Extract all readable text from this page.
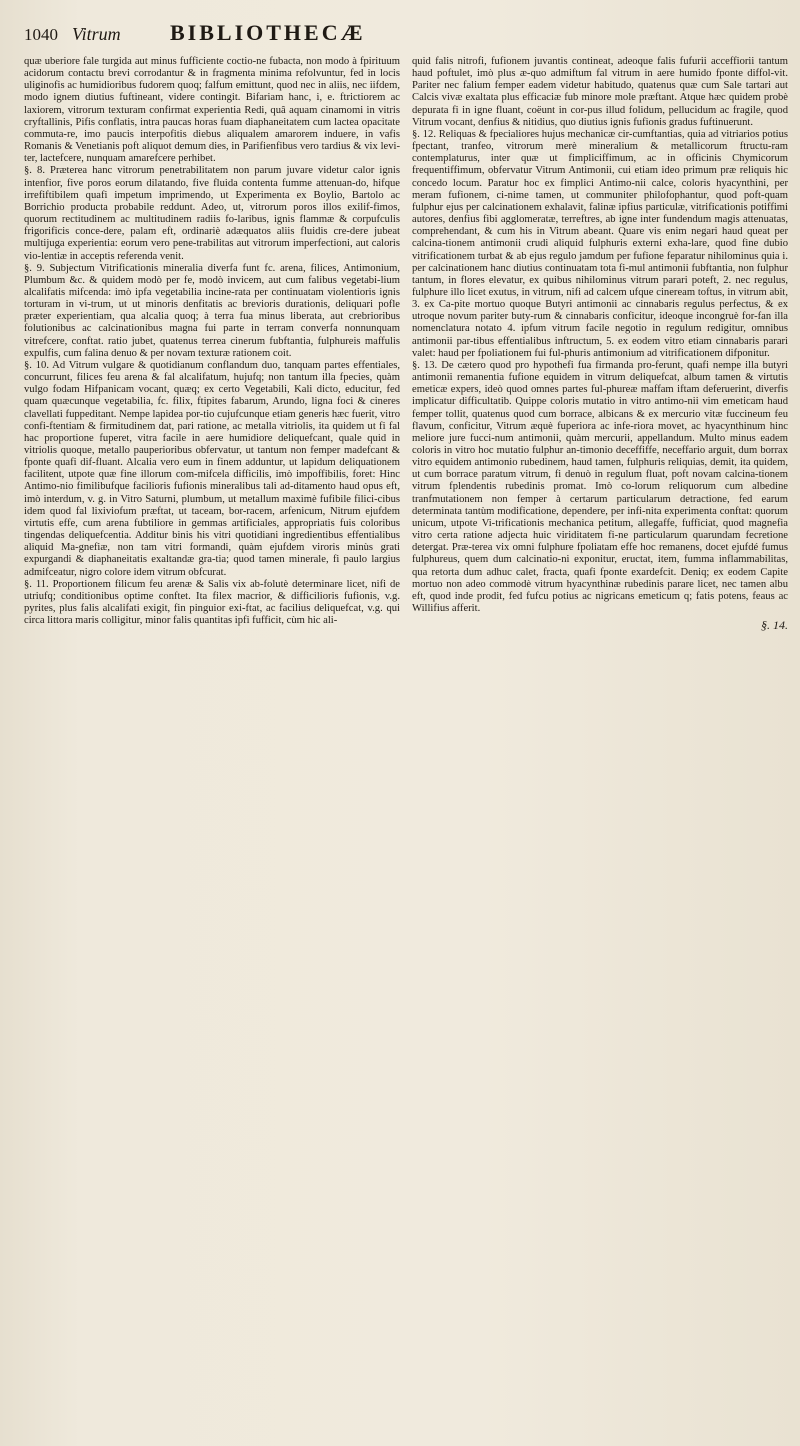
1040 Vitrum	BIBLIOTHECÆ

quæ uberiore fale turgida aut minus fufficiente coctio-ne fubacta, non modo à fpirituum acidorum contactu brevi corrodantur & in fragmenta minima refolvuntur, fed in locis uliginofis ac humidioribus fudorem quoq; falfum emittunt, quod nec in aliis, nec iifdem, modo ignem diutius fuftineant, videre contingit. Bifariam hanc, i, e. ftrictiorem ac laxiorem, vitrorum texturam confirmat experientia Redi, quâ aquam cinamomi in vitris cryftallinis, Pifis conflatis, intra paucas horas fuam diaphaneitatem cum lactea opacitate commuta-re, imo paucis interpofitis diebus aliqualem amarorem induere, in vafis Romanis & Venetianis poft aliquot demum dies, in Parifienfibus vero tardius & vix levi-ter, lactefcere, nunquam amarefcere perhibet.

§. 8. Præterea hanc vitrorum penetrabilitatem non parum juvare videtur calor ignis intenfior, five poros eorum dilatando, five fluida contenta fumme attenuan-do, hifque irrefiftibilem quafi impetum imprimendo, ut Experimenta ex Boylio, Bartolo ac Borrichio producta probabile reddunt. Adeo, ut, vitrorum poros illos exilif-fimos, quorum rectitudinem ac multitudinem radiis fo-laribus, ignis flammæ & corpufculis frigorificis conce-dere, palam eft, ordinariè adæquatos aliis fluidis cre-dere jubeat multijuga experientia: eorum vero pene-trabilitas aut vitrorum imperfectioni, aut caloris vio-lentiæ in acceptis referenda venit.

§. 9. Subjectum Vitrificationis mineralia diverfa funt fc. arena, filices, Antimonium, Plumbum &c. & quidem modò per fe, modò invicem, aut cum falibus vegetabi-lium alcalifatis mifcenda: imò ipfa vegetabilia incine-rata per continuatam violentioris ignis torturam in vi-trum, ut ut minoris denfitatis ac brevioris durationis, deliquari pofle præter experientiam, qua alcalia quoq; à terra fua minus liberata, aut crebrioribus folutionibus ac calcinationibus magna fui parte in terram converfa nonnunquam vitrefcere, conftat. ratio jubet, quatenus terrea cinerum fubftantia, fulphureis maffulis expulfis, cum falina denuo & per novam texturæ rationem coit.

§. 10. Ad Vitrum vulgare & quotidianum conflandum duo, tanquam partes effentiales, concurrunt, filices feu arena & fal alcalifatum, hujufq; non tantum illa fpecies, quàm vulgo fodam Hifpanicam vocant, quæq; ex certo Vegetabili, Kali dicto, educitur, fed quam quæcunque vegetabilia, fc. filix, ftipites fabarum, Arundo, ligna foci & cineres clavellati fuppeditant. Nempe lapidea por-tio cujufcunque etiam generis hæc fuerit, vitro confi-ftentiam & firmitudinem dat, pari ratione, ac metalla vitriolis, ita quidem ut fi fal hac proportione fuperet, vitra facile in aere humidiore deliquefcant, quale quid in vitriolis quoque, metallo pauperioribus obfervatur, ut tantum non femper madefcant & fponte quafi dif-fluant. Alcalia vero eum in finem adduntur, ut lapidum deliquationem facilitent, utpote quæ fine illorum com-mifcela difficilis, imò impoffibilis, foret: Hinc Antimo-nio fimilibufque facilioris fufionis mineralibus tali ad-ditamento haud opus eft, imò interdum, v. g. in Vitro Saturni, plumbum, ut metallum maximè fufibile filici-cibus idem quod fal lixiviofum præftat, ut taceam, bor-racem, arfenicum, Nitrum ejufdem virtutis effe, cum arena fubtiliore in gemmas artificiales, appropriatis fuis coloribus tingendas deliquefcentia. Additur binis his vitri quotidiani ingredientibus effentialibus aliquid Ma-gnefiæ, non tam vitri formandi, quàm ejufdem viroris minùs grati expurgandi & diaphaneitatis exaltandæ gra-tia; quod tamen minerale, fi paulo largius admifceatur, nigro colore idem vitrum obfcurat.

§. 11. Proportionem filicum feu arenæ & Salis vix ab-folutè determinare licet, nifi de utriufq; conditionibus optime conftet. Ita filex macrior, & difficilioris fufionis, v.g. pyrites, plus falis alcalifati exigit, fin pinguior exi-ftat, ac facilius deliquefcat, v.g. qui circa littora maris colligitur, minor falis quantitas ipfi fufficit, cùm hic ali-

quid falis nitrofi, fufionem juvantis contineat, adeoque falis fufurii acceffiorii tantum haud poftulet, imò plus æ-quo admiftum fal vitrum in aere humido fponte diffol-vit. Pariter nec falium femper eadem videtur habitudo, quatenus quæ cum Sale tartari aut Calcis vivæ exaltata plus efficaciæ fub minore mole præftant. Atque hæc quidem probè depurata fi in igne fluant, coëunt in cor-pus illud folidum, pellucidum ac fragile, quod Vitrum vocant, denfius & nitidius, quo diutius ignis fufionis gradus fuftinuerunt.

§. 12. Reliquas & fpecialiores hujus mechanicæ cir-cumftantias, quia ad vitriarios potius fpectant, tranfeo, vitrorum merè mineralium & metallicorum ftructu-ram contemplaturus, inter quæ ut fimpliciffimum, ac in officinis Chymicorum frequentiffimum, obfervatur Vitrum Antimonii, cui etiam ideo primum præ reliquis hic concedo locum. Paratur hoc ex fimplici Antimo-nii calce, coloris hyacynthini, per meram fufionem, ci-nime tamen, ut communiter philofophantur, quod poft-quam fulphur ejus per calcinationem exhalavit, falinæ ipfius particulæ, vitrificationis potiffimi autores, denfius fibi agglomeratæ, terreftres, ab igne inter fundendum magis attenuatas, comprehendant, & cum his in Vitrum abeant. Quare vis enim negari haud queat per calcina-tionem antimonii crudi aliquid fulphuris externi exha-lare, quod fine dubio vitrificationem turbat & ab ejus regulo jamdum per fufione feparatur nihilominus quia i. per calcinationem hanc diutius continuatam tota fi-mul antimonii fubftantia, non fulphur tantum, in flores elevatur, ex quibus nihilominus vitrum parari poteft, 2. nec regulus, fulphure illo licet exutus, in vitrum, nifi ad calcem ufque cineream toftus, in vitrum abit, 3. ex Ca-pite mortuo quoque Butyri antimonii ac cinnabaris regulus perfectus, & ex utroque novum pariter buty-rum & cinnabaris conficitur, ideoque incongruè for-fan illa nomenclatura notato 4. ipfum vitrum facile negotio in regulum redigitur, omnibus antimonii par-tibus effentialibus inftructum, 5. ex eodem vitro etiam cinnabaris parari valet: haud per fpoliationem fui ful-phuris antimonium ad vitrificationem difponitur.

§. 13. De cætero quod pro hypothefi fua firmanda pro-ferunt, quafi nempe illa butyri antimonii remanentia fufione equidem in vitrum deliquefcat, album tamen & virtutis emeticæ expers, ideò quod omnes partes ful-phureæ maffam iftam deferuerint, diverfis implicatur difficultatib. Quippe coloris mutatio in vitro antimo-nii vim emeticam haud femper tollit, quatenus quod cum borrace, albicans & ex mercurio vitæ fuccineum feu flavum, conficitur, Vitrum æquè fuperiora ac infe-riora movet, ac hyacynthinum hinc meliore jure fucci-num antimonii, quàm mercurii, appellandum. Multo minus eadem coloris in vitro hoc mutatio fulphur an-timonio deceffiffe, neceffario arguit, dum borrax vitro equidem antimonio rubedinem, haud tamen, fulphuris reliquias, demit, ita quidem, ut cum borrace paratum vitrum, fi denuò in regulum fluat, poft novam calcina-tionem vitrum fplendentis rubedinis promat. Imò co-lorum reliquorum cum albedine tranfmutationem non femper à certarum particularum detractione, fed earum determinata tantùm modificatione, dependere, per infi-nita experimenta conftat: quorum unicum, utpote Vi-trificationis mechanica petitum, allegaffe, fufficiat, quod magnefia vitro certa ratione adjecta huic viriditatem fi-ne particularum quarundam fecretione detergat. Præ-terea vix omni fulphure fpoliatam effe hoc remanens, docet ejufdé fumus fulphureus, quem dum calcinatio-ni exponitur, eructat, item, fumma inflammabilitas, qua retorta dum adhuc calet, fracta, quafi fponte exardefcit. Deniq; ex eodem Capite mortuo non adeo commodè vitrum hyacynthinæ rubedinis parare licet, nec tamen albu eft, quod inde prodit, fed fufcu potius ac nigricans emeticum q; fatis potens, feaus ac Willifius afferit.

§. 14.
